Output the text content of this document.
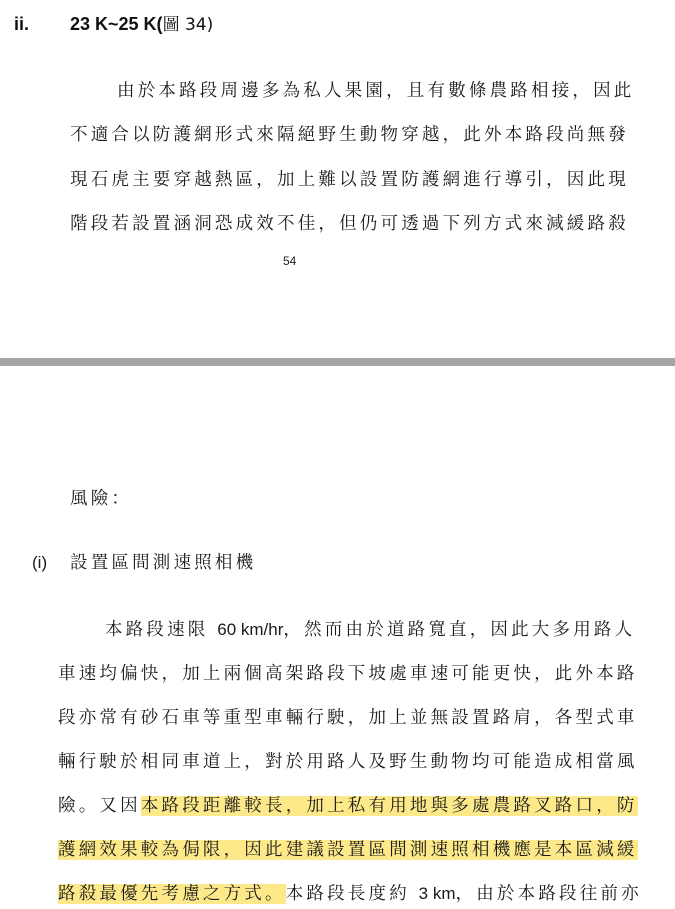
ii. 23 K~25 K(圖 34)
由於本路段周邊多為私人果園，且有數條農路相接，因此
不適合以防護網形式來隔絕野生動物穿越，此外本路段尚無發
現石虎主要穿越熱區，加上難以設置防護網進行導引，因此現
階段若設置涵洞恐成效不佳，但仍可透過下列方式來減緩路殺
54
風險：
(i) 設置區間測速照相機
本路段速限 60 km/hr，然而由於道路寬直，因此大多用路人
車速均偏快，加上兩個高架路段下坡處車速可能更快，此外本路
段亦常有砂石車等重型車輛行駛，加上並無設置路肩，各型式車
輛行駛於相同車道上，對於用路人及野生動物均可能造成相當風
險。又因本路段距離較長，加上私有用地與多處農路叉路口，防
護網效果較為侷限，因此建議設置區間測速照相機應是本區減緩
路殺最優先考慮之方式。本路段長度約 3 km，由於本路段往前亦
